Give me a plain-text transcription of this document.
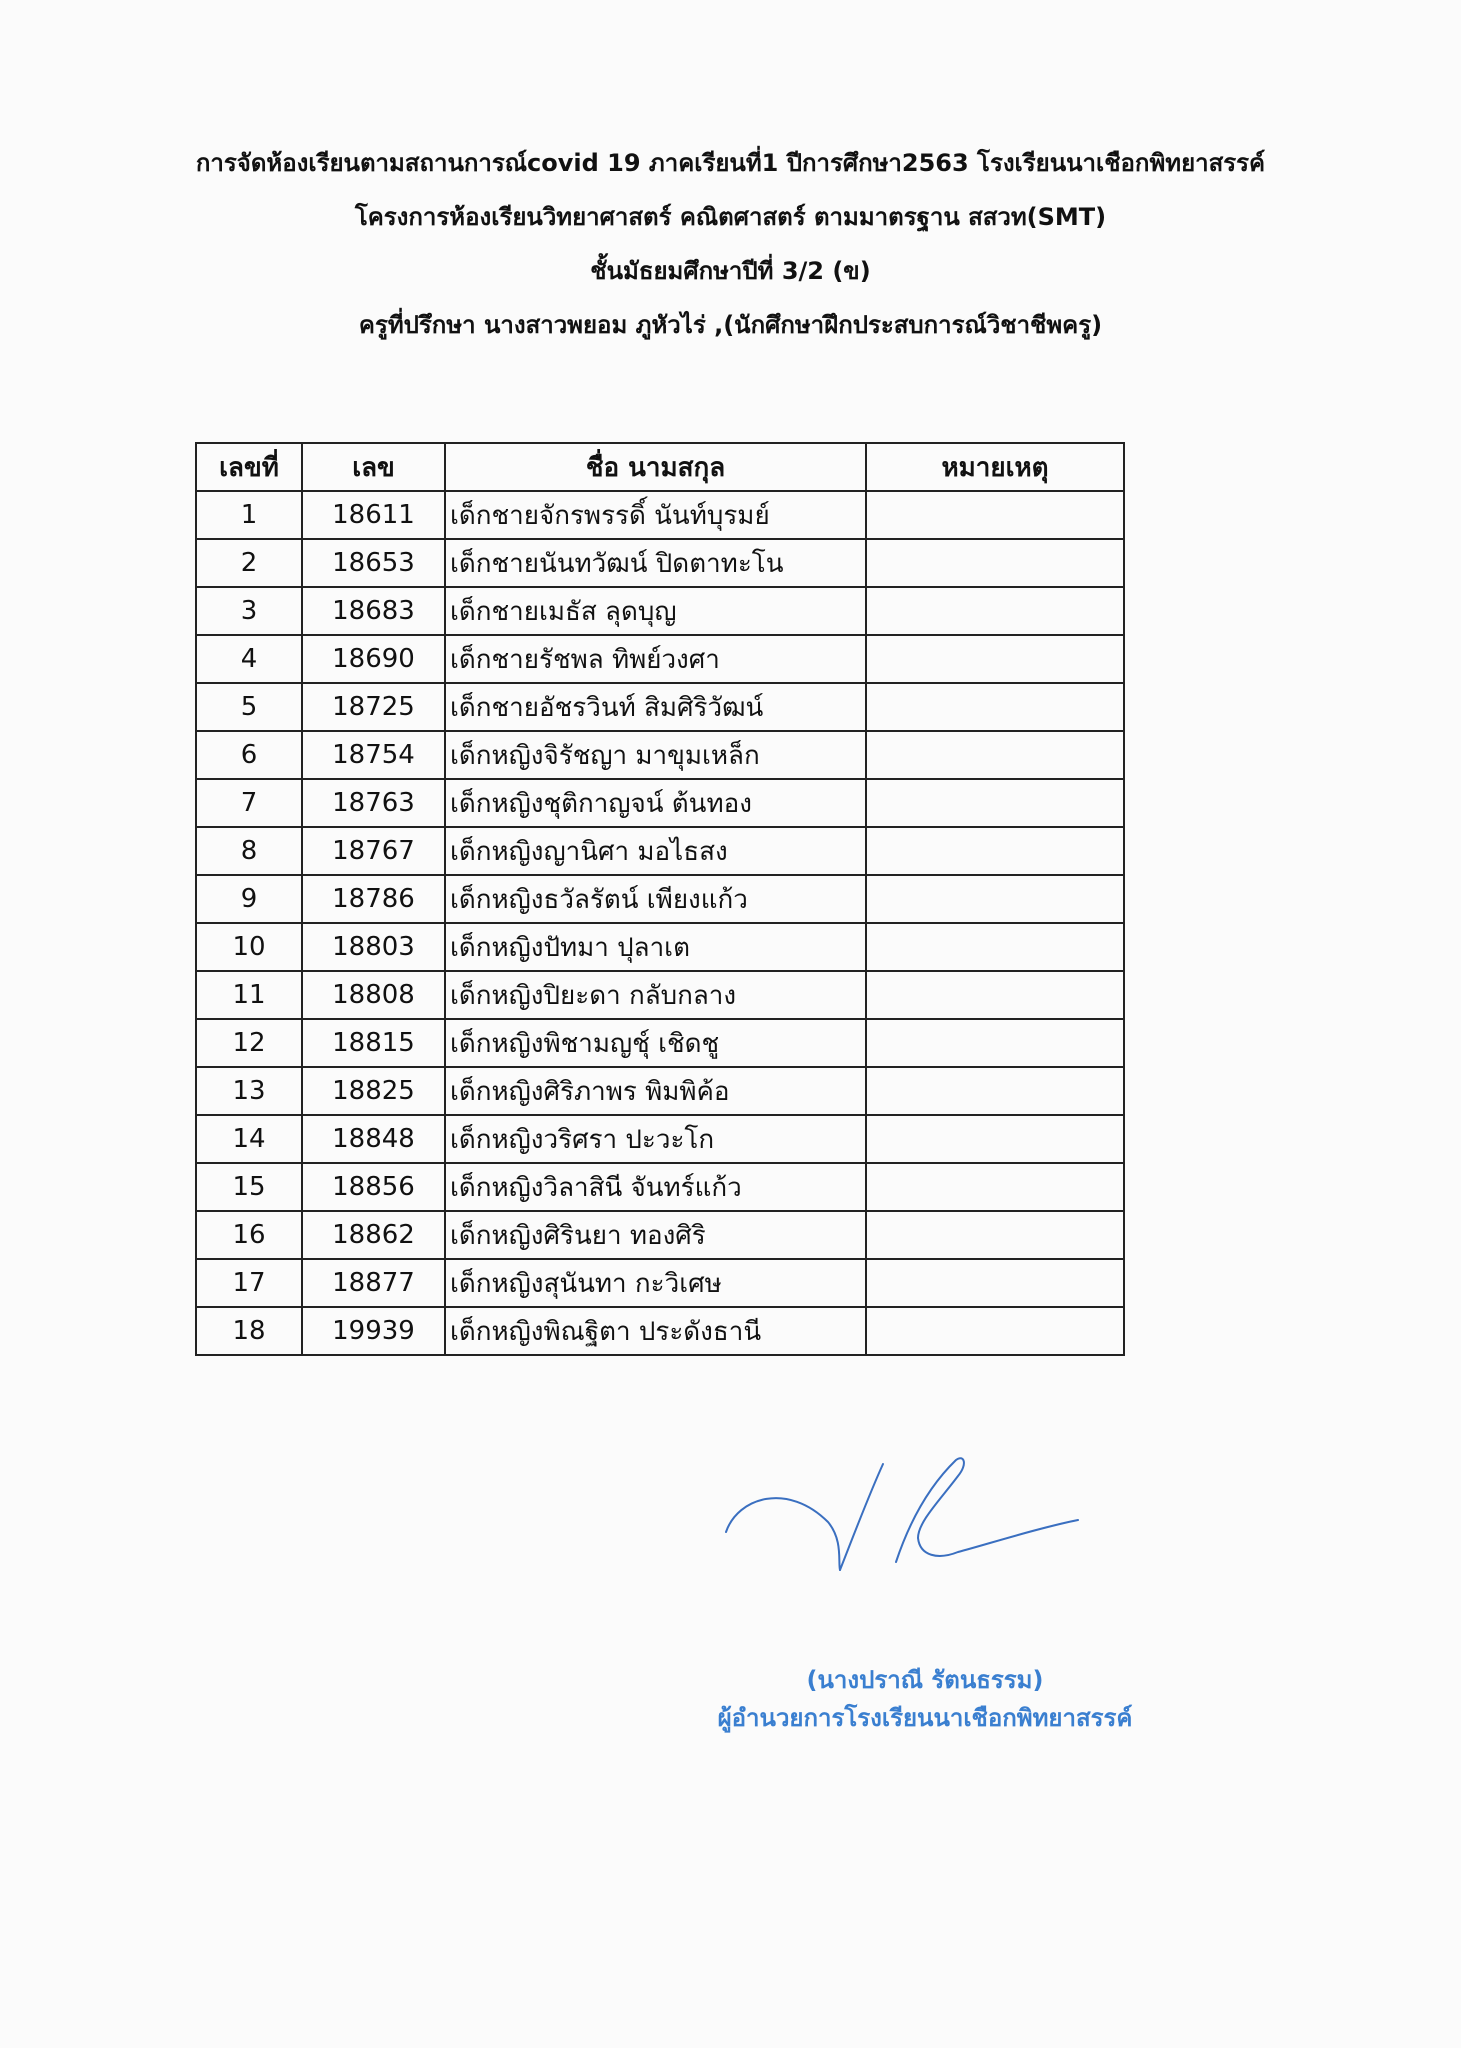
การจัดห้องเรียนตามสถานการณ์covid 19 ภาคเรียนที่1 ปีการศึกษา2563 โรงเรียนนาเชือกพิทยาสรรค์
โครงการห้องเรียนวิทยาศาสตร์ คณิตศาสตร์ ตามมาตรฐาน สสวท(SMT)
ชั้นมัธยมศึกษาปีที่ 3/2 (ข)
ครูที่ปรึกษา นางสาวพยอม ภูหัวไร่ ,(นักศึกษาฝึกประสบการณ์วิชาชีพครู)
เลขที่	เลข	ชื่อ นามสกุล	หมายเหตุ
1	18611	เด็กชายจักรพรรดิ์ นันท์บุรมย์	
2	18653	เด็กชายนันทวัฒน์ ปิดตาทะโน	
3	18683	เด็กชายเมธัส ลุดบุญ	
4	18690	เด็กชายรัชพล ทิพย์วงศา	
5	18725	เด็กชายอัชรวินท์ สิมศิริวัฒน์	
6	18754	เด็กหญิงจิรัชญา มาขุมเหล็ก	
7	18763	เด็กหญิงชุติกาญจน์ ต้นทอง	
8	18767	เด็กหญิงญานิศา มอไธสง	
9	18786	เด็กหญิงธวัลรัตน์ เพียงแก้ว	
10	18803	เด็กหญิงปัทมา ปุลาเต	
11	18808	เด็กหญิงปิยะดา กลับกลาง	
12	18815	เด็กหญิงพิชามญชุ์ เชิดชู	
13	18825	เด็กหญิงศิริภาพร พิมพิค้อ	
14	18848	เด็กหญิงวริศรา ปะวะโก	
15	18856	เด็กหญิงวิลาสินี จันทร์แก้ว	
16	18862	เด็กหญิงศิรินยา ทองศิริ	
17	18877	เด็กหญิงสุนันทา กะวิเศษ	
18	19939	เด็กหญิงพิณฐิตา ประดังธานี	
(นางปราณี รัตนธรรม)
ผู้อำนวยการโรงเรียนนาเชือกพิทยาสรรค์
